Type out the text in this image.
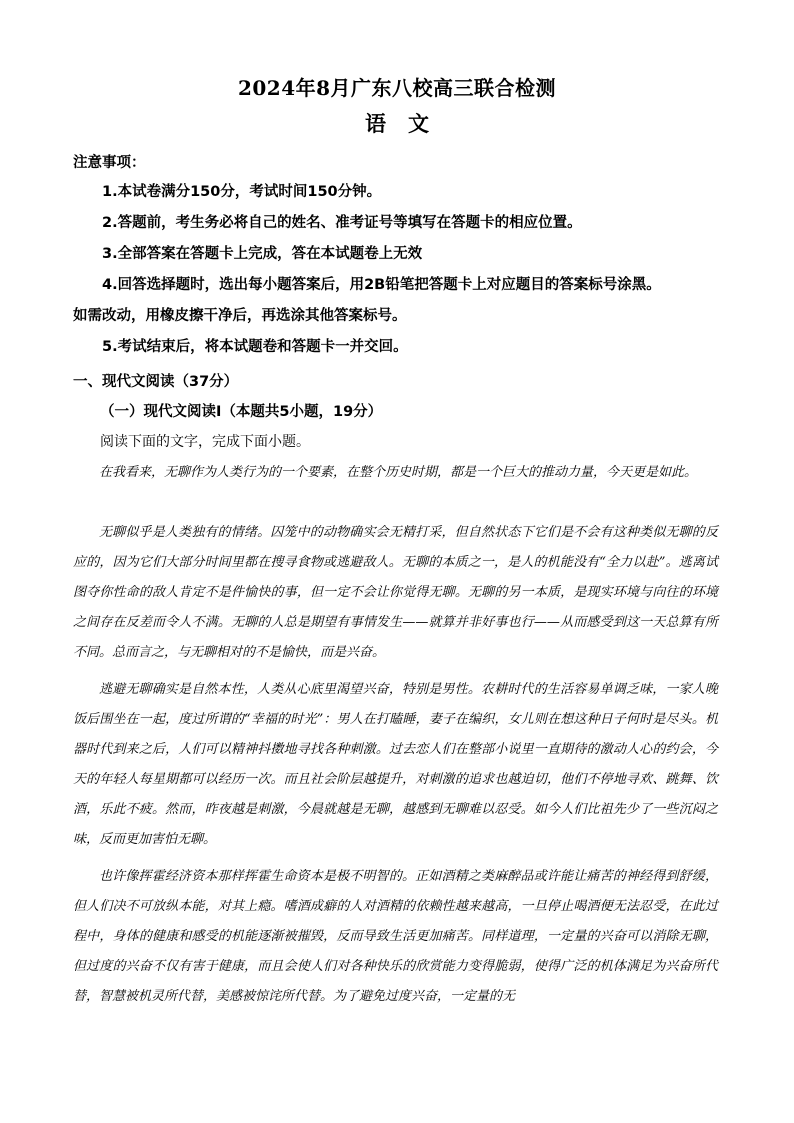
2024年8月广东八校高三联合检测
语文
注意事项：
1.本试卷满分150分，考试时间150分钟。
2.答题前，考生务必将自己的姓名、准考证号等填写在答题卡的相应位置。
3.全部答案在答题卡上完成，答在本试题卷上无效
4.回答选择题时，选出每小题答案后，用2B铅笔把答题卡上对应题目的答案标号涂黑。
如需改动，用橡皮擦干净后，再选涂其他答案标号。
5.考试结束后，将本试题卷和答题卡一并交回。
一、现代文阅读（37分）
（一）现代文阅读Ⅰ（本题共5小题，19分）
阅读下面的文字，完成下面小题。
在我看来，无聊作为人类行为的一个要素，在整个历史时期，都是一个巨大的推动力量，今天更是如此。
无聊似乎是人类独有的情绪。囚笼中的动物确实会无精打采，但自然状态下它们是不会有这种类似无聊的反应的，因为它们大部分时间里都在搜寻食物或逃避敌人。无聊的本质之一，是人的机能没有“全力以赴”。逃离试图夺你性命的敌人肯定不是件愉快的事，但一定不会让你觉得无聊。无聊的另一本质，是现实环境与向往的环境之间存在反差而令人不满。无聊的人总是期望有事情发生——就算并非好事也行——从而感受到这一天总算有所不同。总而言之，与无聊相对的不是愉快，而是兴奋。
逃避无聊确实是自然本性，人类从心底里渴望兴奋，特别是男性。农耕时代的生活容易单调乏味，一家人晚饭后围坐在一起，度过所谓的“幸福的时光”：男人在打瞌睡，妻子在编织，女儿则在想这种日子何时是尽头。机器时代到来之后，人们可以精神抖擞地寻找各种刺激。过去恋人们在整部小说里一直期待的激动人心的约会，今天的年轻人每星期都可以经历一次。而且社会阶层越提升，对刺激的追求也越迫切，他们不停地寻欢、跳舞、饮酒，乐此不疲。然而，昨夜越是刺激，今晨就越是无聊，越感到无聊难以忍受。如今人们比祖先少了一些沉闷之味，反而更加害怕无聊。
也许像挥霍经济资本那样挥霍生命资本是极不明智的。正如酒精之类麻醉品或许能让痛苦的神经得到舒缓，但人们决不可放纵本能，对其上瘾。嗜酒成癖的人对酒精的依赖性越来越高，一旦停止喝酒便无法忍受，在此过程中，身体的健康和感受的机能逐渐被摧毁，反而导致生活更加痛苦。同样道理，一定量的兴奋可以消除无聊，但过度的兴奋不仅有害于健康，而且会使人们对各种快乐的欣赏能力变得脆弱，使得广泛的机体满足为兴奋所代替，智慧被机灵所代替，美感被惊诧所代替。为了避免过度兴奋，一定量的无
